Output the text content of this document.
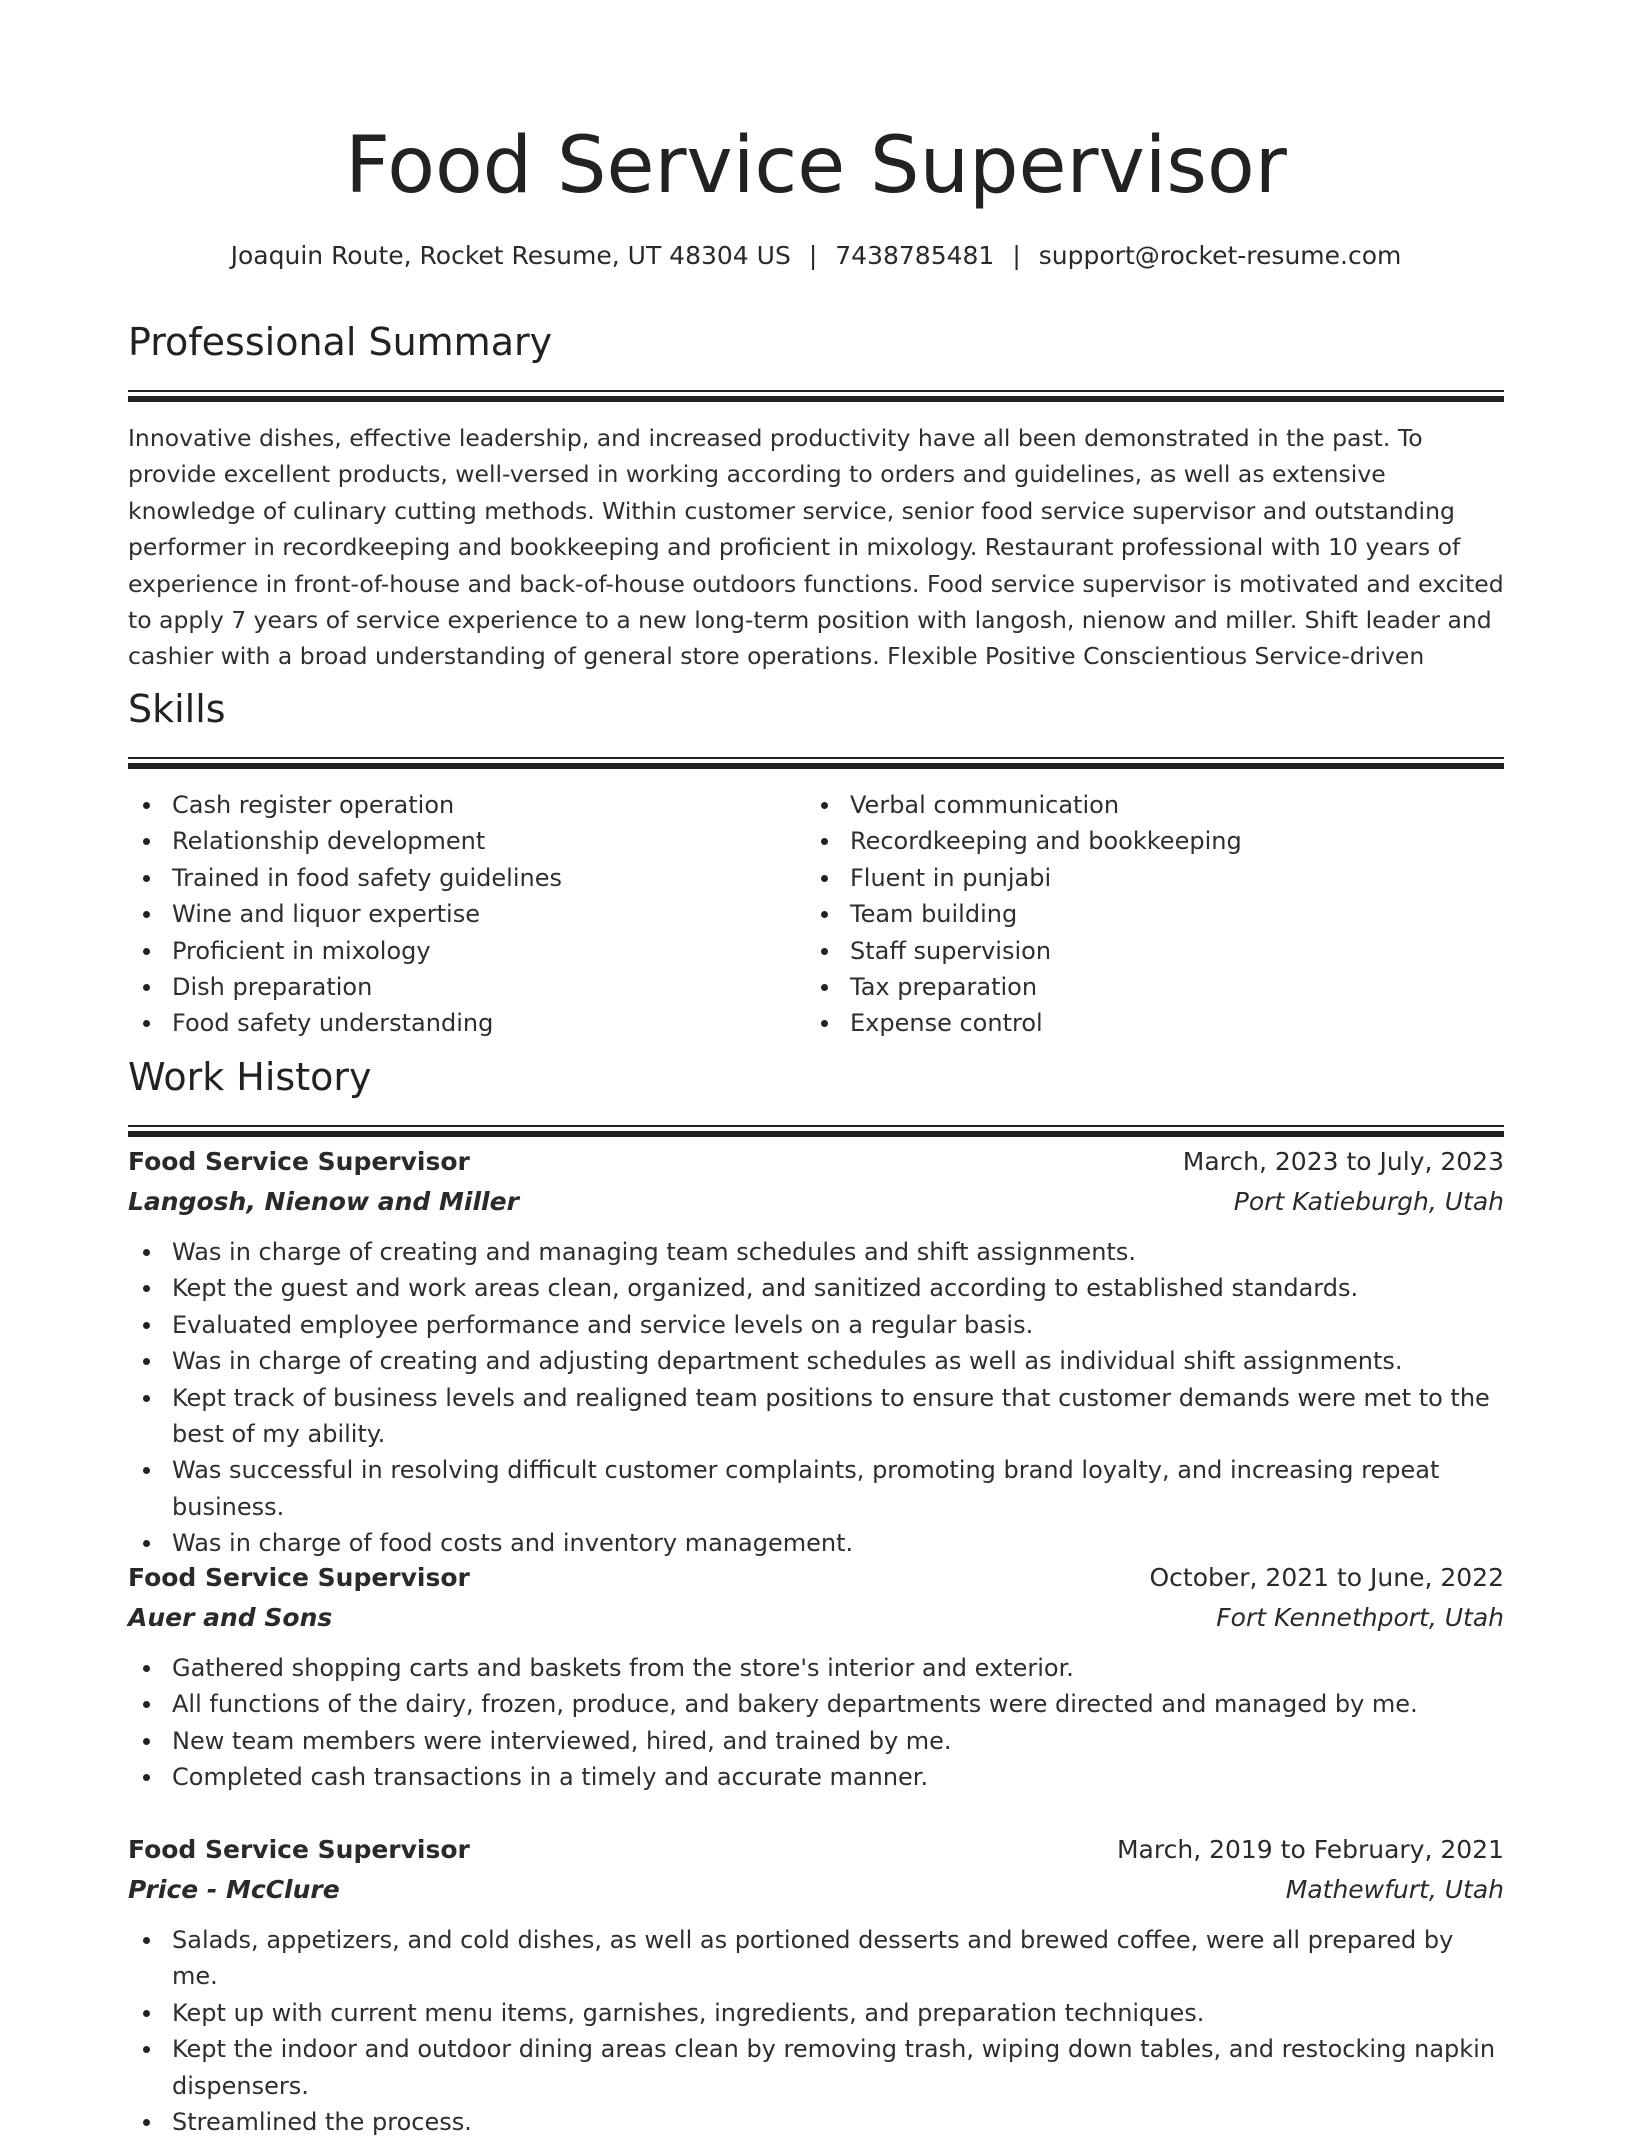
Food Service Supervisor
Joaquin Route, Rocket Resume, UT 48304 US | 7438785481 | support@rocket-resume.com
Professional Summary
Innovative dishes, effective leadership, and increased productivity have all been demonstrated in the past. To provide excellent products, well-versed in working according to orders and guidelines, as well as extensive knowledge of culinary cutting methods. Within customer service, senior food service supervisor and outstanding performer in recordkeeping and bookkeeping and proficient in mixology. Restaurant professional with 10 years of experience in front-of-house and back-of-house outdoors functions. Food service supervisor is motivated and excited to apply 7 years of service experience to a new long-term position with langosh, nienow and miller. Shift leader and cashier with a broad understanding of general store operations. Flexible Positive Conscientious Service-driven
Skills
Cash register operation
Relationship development
Trained in food safety guidelines
Wine and liquor expertise
Proficient in mixology
Dish preparation
Food safety understanding
Verbal communication
Recordkeeping and bookkeeping
Fluent in punjabi
Team building
Staff supervision
Tax preparation
Expense control
Work History
Food Service Supervisor	March, 2023 to July, 2023
Langosh, Nienow and Miller	Port Katieburgh, Utah
Was in charge of creating and managing team schedules and shift assignments.
Kept the guest and work areas clean, organized, and sanitized according to established standards.
Evaluated employee performance and service levels on a regular basis.
Was in charge of creating and adjusting department schedules as well as individual shift assignments.
Kept track of business levels and realigned team positions to ensure that customer demands were met to the best of my ability.
Was successful in resolving difficult customer complaints, promoting brand loyalty, and increasing repeat business.
Was in charge of food costs and inventory management.
Food Service Supervisor	October, 2021 to June, 2022
Auer and Sons	Fort Kennethport, Utah
Gathered shopping carts and baskets from the store's interior and exterior.
All functions of the dairy, frozen, produce, and bakery departments were directed and managed by me.
New team members were interviewed, hired, and trained by me.
Completed cash transactions in a timely and accurate manner.
Food Service Supervisor	March, 2019 to February, 2021
Price - McClure	Mathewfurt, Utah
Salads, appetizers, and cold dishes, as well as portioned desserts and brewed coffee, were all prepared by me.
Kept up with current menu items, garnishes, ingredients, and preparation techniques.
Kept the indoor and outdoor dining areas clean by removing trash, wiping down tables, and restocking napkin dispensers.
Streamlined the process.
